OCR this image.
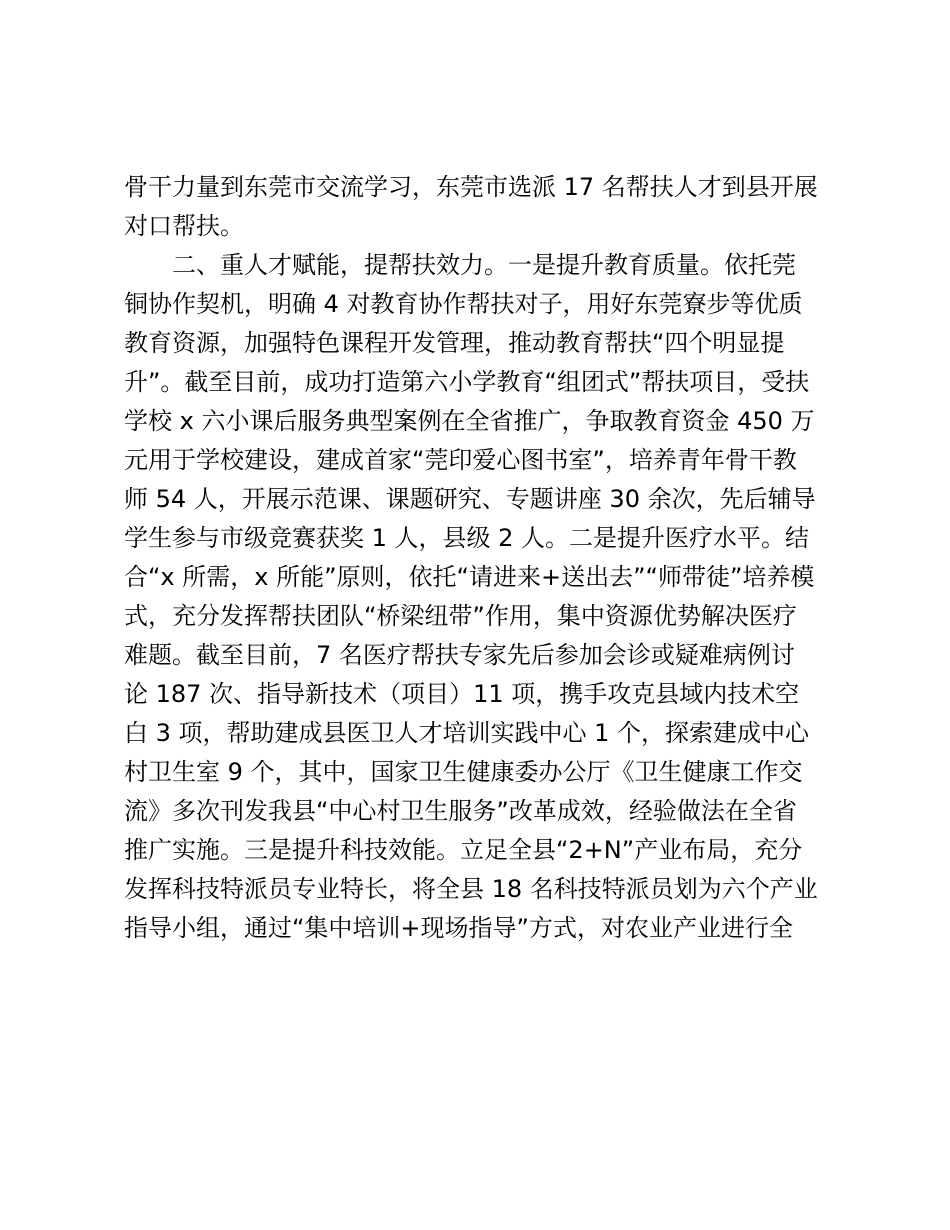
骨干力量到东莞市交流学习，东莞市选派 17 名帮扶人才到县开展
对口帮扶。
二、重人才赋能，提帮扶效力。一是提升教育质量。依托莞
铜协作契机，明确 4 对教育协作帮扶对子，用好东莞寮步等优质
教育资源，加强特色课程开发管理，推动教育帮扶“四个明显提
升”。截至目前，成功打造第六小学教育“组团式”帮扶项目，受扶
学校 x 六小课后服务典型案例在全省推广，争取教育资金 450 万
元用于学校建设，建成首家“莞印爱心图书室”，培养青年骨干教
师 54 人，开展示范课、课题研究、专题讲座 30 余次，先后辅导
学生参与市级竞赛获奖 1 人，县级 2 人。二是提升医疗水平。结
合“x 所需，x 所能”原则，依托“请进来+送出去”“师带徒”培养模
式，充分发挥帮扶团队“桥梁纽带”作用，集中资源优势解决医疗
难题。截至目前，7 名医疗帮扶专家先后参加会诊或疑难病例讨
论 187 次、指导新技术（项目）11 项，携手攻克县域内技术空
白 3 项，帮助建成县医卫人才培训实践中心 1 个，探索建成中心
村卫生室 9 个，其中，国家卫生健康委办公厅《卫生健康工作交
流》多次刊发我县“中心村卫生服务”改革成效，经验做法在全省
推广实施。三是提升科技效能。立足全县“2+N”产业布局，充分
发挥科技特派员专业特长，将全县 18 名科技特派员划为六个产业
指导小组，通过“集中培训+现场指导”方式，对农业产业进行全
